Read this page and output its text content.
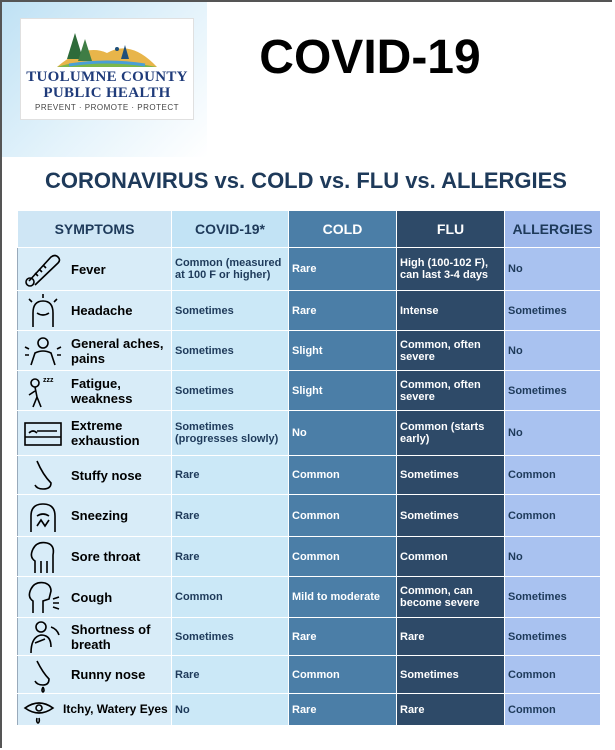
TUOLUMNE COUNTY
PUBLIC HEALTH
PREVENT · PROMOTE · PROTECT
COVID-19
CORONAVIRUS vs. COLD vs. FLU vs. ALLERGIES
SYMPTOMS	COVID-19*	COLD	FLU	ALLERGIES

Fever	Common (measured at 100 F or higher)	Rare	High (100-102 F), can last 3-4 days	No

Headache	Sometimes	Rare	Intense	Sometimes

General aches, pains	Sometimes	Slight	Common, often severe	No

zzz Fatigue, weakness	Sometimes	Slight	Common, often severe	Sometimes

Extreme exhaustion	Sometimes (progresses slowly)	No	Common (starts early)	No

Stuffy nose	Rare	Common	Sometimes	Common

Sneezing	Rare	Common	Sometimes	Common

Sore throat	Rare	Common	Common	No

Cough	Common	Mild to moderate	Common, can become severe	Sometimes

Shortness of breath	Sometimes	Rare	Rare	Sometimes

Runny nose	Rare	Common	Sometimes	Common

Itchy, Watery Eyes	No	Rare	Rare	Common
